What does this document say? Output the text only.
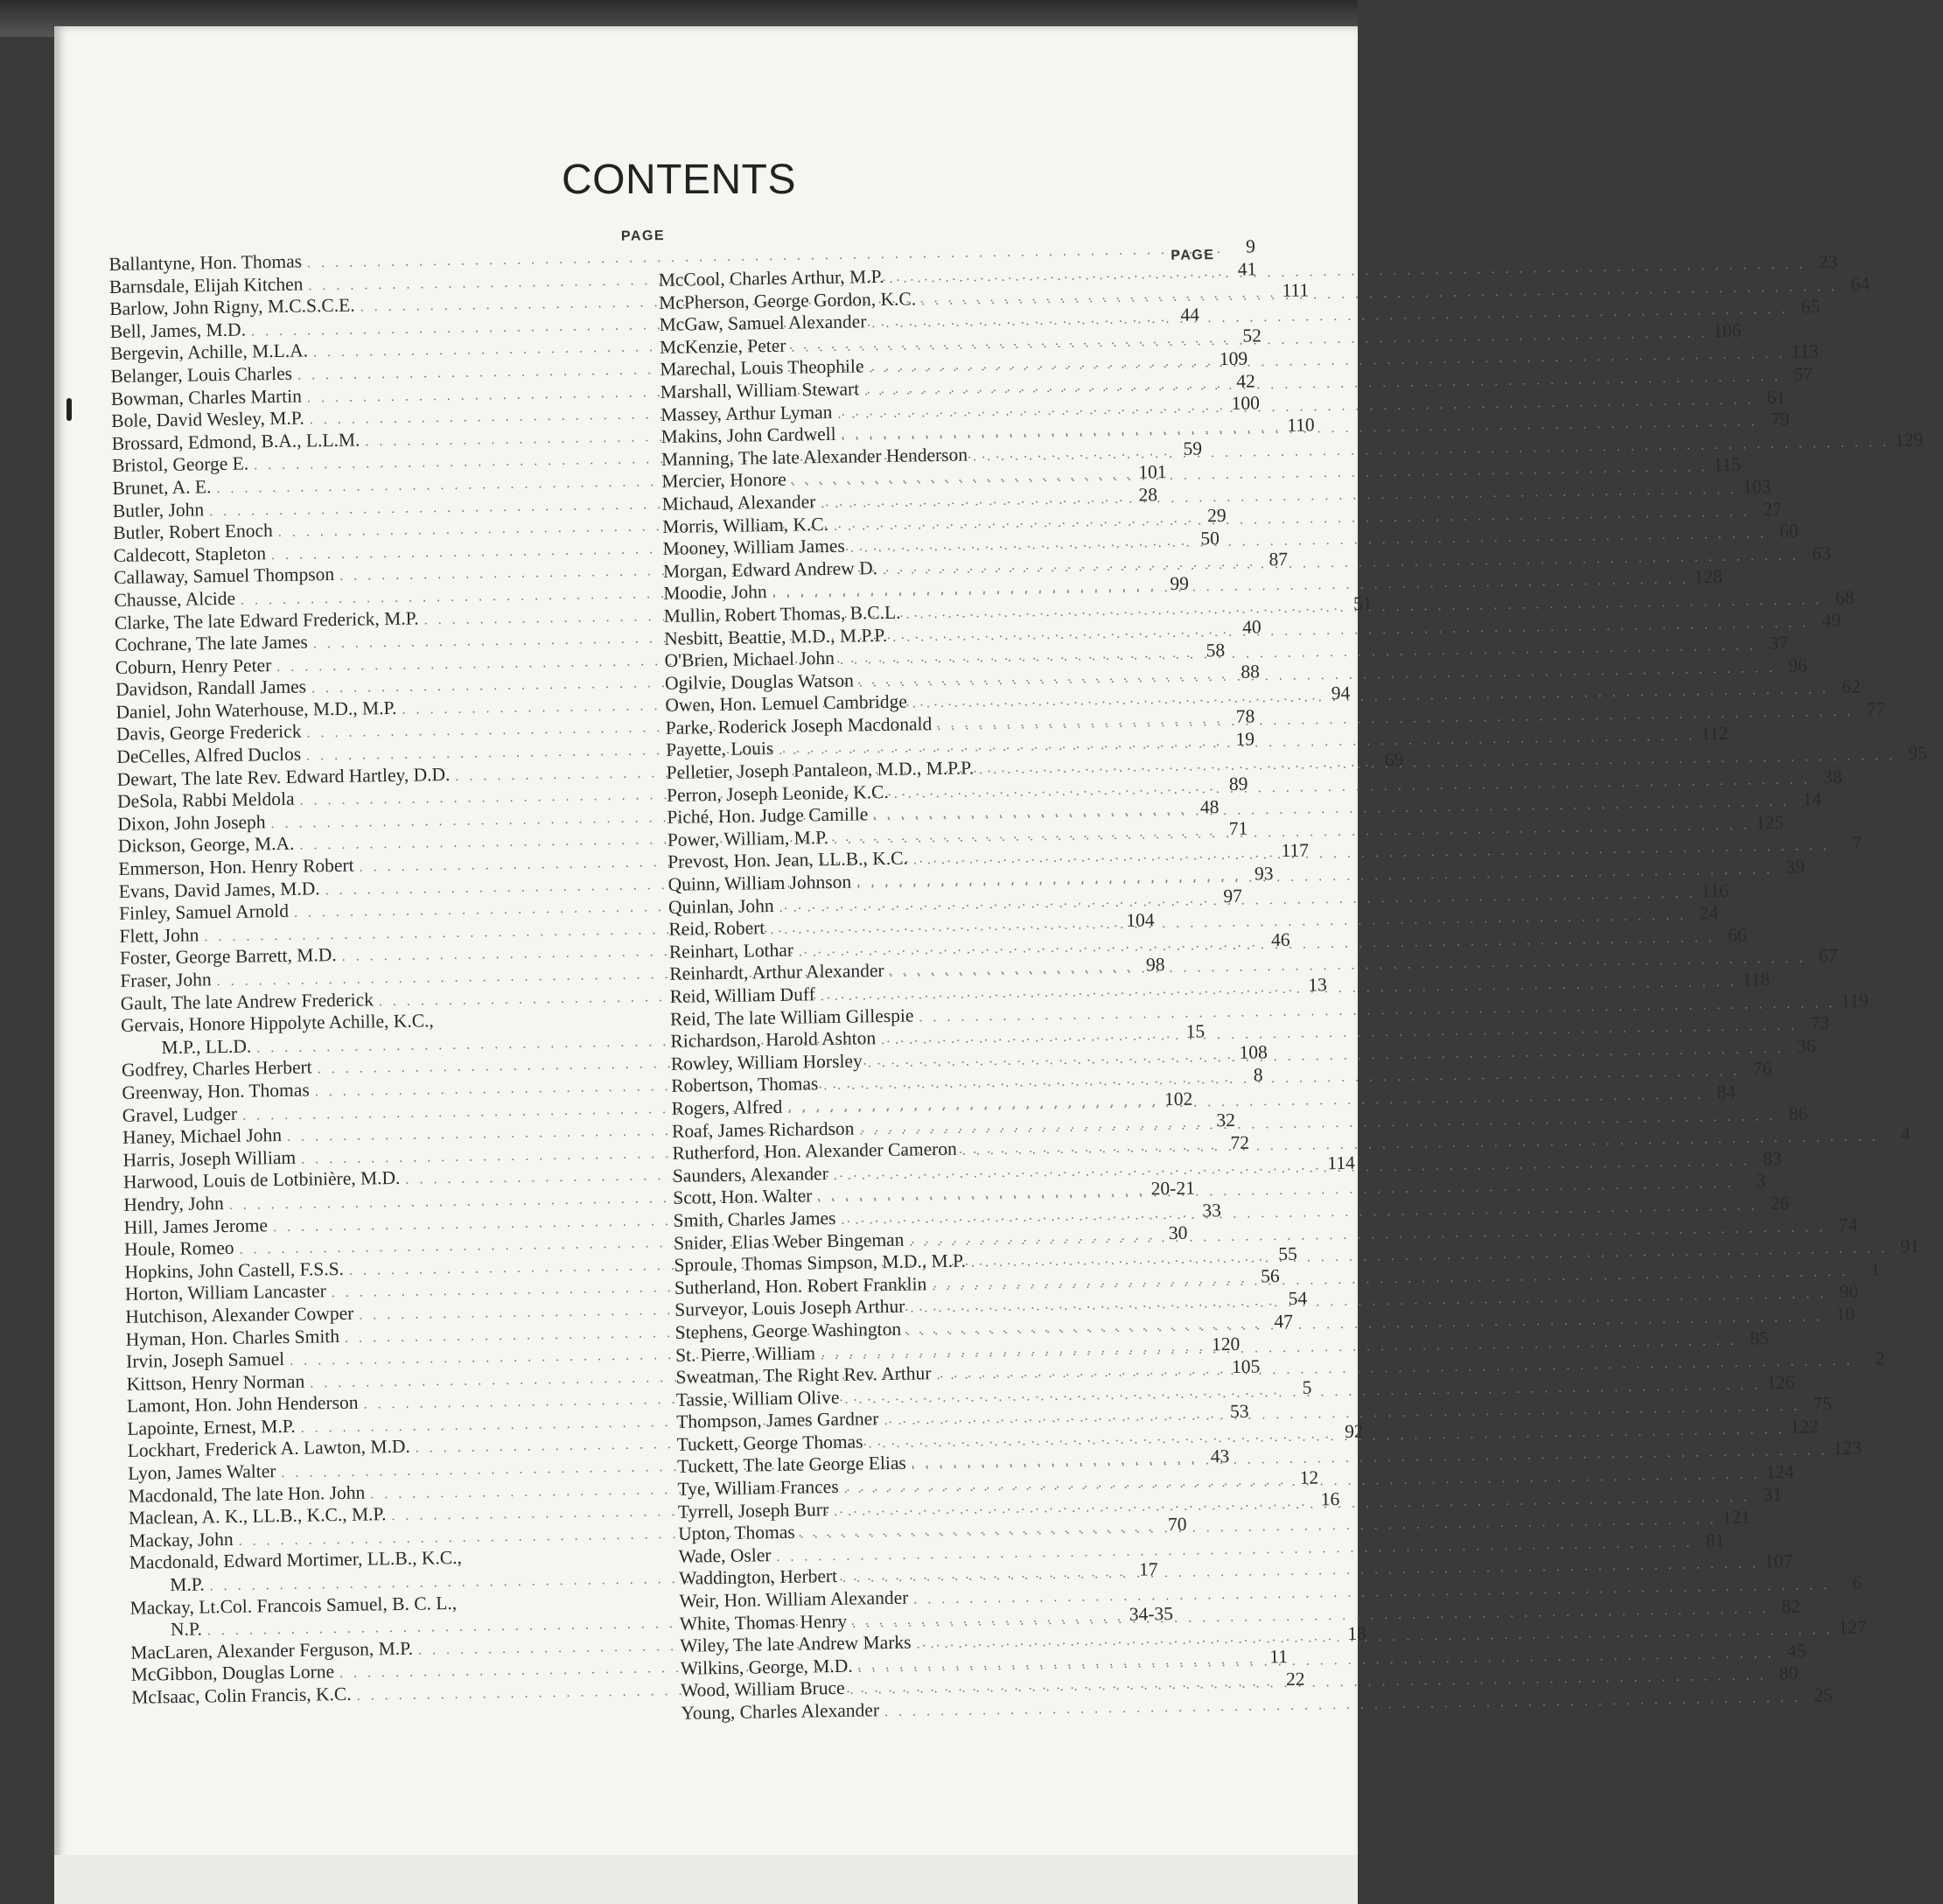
CONTENTS
PAGE
Ballantyne, Hon. Thomas
. . .
9
Barnsdale, Elijah Kitchen
. . .
41
Barlow, John Rigny, M.C.S.C.E.
. . .
111
Bell, James, M.D.
. . .
44
Bergevin, Achille, M.L.A.
. . .
52
Belanger, Louis Charles
. . .
109
Bowman, Charles Martin
. . .
42
Bole, David Wesley, M.P.
. . .
100
Brossard, Edmond, B.A., L.L.M.
. . .
110
Bristol, George E.
. . .
59
Brunet, A. E.
. . .
101
Butler, John
. . .
28
Butler, Robert Enoch
. . .
29
Caldecott, Stapleton
. . .
50
Callaway, Samuel Thompson
. . .
87
Chausse, Alcide
. . .
99
Clarke, The late Edward Frederick, M.P.
. . .
51
Cochrane, The late James
. . .
40
Coburn, Henry Peter
. . .
58
Davidson, Randall James
. . .
88
Daniel, John Waterhouse, M.D., M.P.
. . .
94
Davis, George Frederick
. . .
78
DeCelles, Alfred Duclos
. . .
19
Dewart, The late Rev. Edward Hartley, D.D.
. . .
69
DeSola, Rabbi Meldola
. . .
89
Dixon, John Joseph
. . .
48
Dickson, George, M.A.
. . .
71
Emmerson, Hon. Henry Robert
. . .
117
Evans, David James, M.D.
. . .
93
Finley, Samuel Arnold
. . .
97
Flett, John
. . .
104
Foster, George Barrett, M.D.
. . .
46
Fraser, John
. . .
98
Gault, The late Andrew Frederick
. . .
13
Gervais, Honore Hippolyte Achille, K.C.,
M.P., LL.D.
. . .
15
Godfrey, Charles Herbert
. . .
108
Greenway, Hon. Thomas
. . .
8
Gravel, Ludger
. . .
102
Haney, Michael John
. . .
32
Harris, Joseph William
. . .
72
Harwood, Louis de Lotbinière, M.D.
. . .
114
Hendry, John
. . .
20-21
Hill, James Jerome
. . .
33
Houle, Romeo
. . .
30
Hopkins, John Castell, F.S.S.
. . .
55
Horton, William Lancaster
. . .
56
Hutchison, Alexander Cowper
. . .
54
Hyman, Hon. Charles Smith
. . .
47
Irvin, Joseph Samuel
. . .
120
Kittson, Henry Norman
. . .
105
Lamont, Hon. John Henderson
. . .
5
Lapointe, Ernest, M.P.
. . .
53
Lockhart, Frederick A. Lawton, M.D.
. . .
92
Lyon, James Walter
. . .
43
Macdonald, The late Hon. John
. . .
12
Maclean, A. K., LL.B., K.C., M.P.
. . .
16
Mackay, John
. . .
70
Macdonald, Edward Mortimer, LL.B., K.C.,
M.P.
. . .
17
Mackay, Lt.Col. Francois Samuel, B. C. L.,
N.P.
. . .
34-35
MacLaren, Alexander Ferguson, M.P.
. . .
18
McGibbon, Douglas Lorne
. . .
11
McIsaac, Colin Francis, K.C.
. . .
22
PAGE
McCool, Charles Arthur, M.P.
. . .
23
McPherson, George Gordon, K.C.
. . .
64
McGaw, Samuel Alexander
. . .
65
McKenzie, Peter
. . .
106
Marechal, Louis Theophile
. . .
113
Marshall, William Stewart
. . .
57
Massey, Arthur Lyman
. . .
61
Makins, John Cardwell
. . .
79
Manning, The late Alexander Henderson
. . .
129
Mercier, Honore
. . .
115
Michaud, Alexander
. . .
103
Morris, William, K.C.
. . .
27
Mooney, William James
. . .
60
Morgan, Edward Andrew D.
. . .
63
Moodie, John
. . .
128
Mullin, Robert Thomas, B.C.L.
. . .
68
Nesbitt, Beattie, M.D., M.P.P.
. . .
49
O'Brien, Michael John
. . .
37
Ogilvie, Douglas Watson
. . .
96
Owen, Hon. Lemuel Cambridge
. . .
62
Parke, Roderick Joseph Macdonald
. . .
77
Payette, Louis
. . .
112
Pelletier, Joseph Pantaleon, M.D., M.P.P.
. . .
95
Perron, Joseph Leonide, K.C.
. . .
38
Piché, Hon. Judge Camille
. . .
14
Power, William, M.P.
. . .
125
Prevost, Hon. Jean, LL.B., K.C.
. . .
7
Quinn, William Johnson
. . .
39
Quinlan, John
. . .
116
Reid, Robert
. . .
24
Reinhart, Lothar
. . .
66
Reinhardt, Arthur Alexander
. . .
67
Reid, William Duff
. . .
118
Reid, The late William Gillespie
. . .
119
Richardson, Harold Ashton
. . .
73
Rowley, William Horsley
. . .
36
Robertson, Thomas
. . .
76
Rogers, Alfred
. . .
84
Roaf, James Richardson
. . .
86
Rutherford, Hon. Alexander Cameron
. . .
4
Saunders, Alexander
. . .
83
Scott, Hon. Walter
. . .
3
Smith, Charles James
. . .
26
Snider, Elias Weber Bingeman
. . .
74
Sproule, Thomas Simpson, M.D., M.P.
. . .
91
Sutherland, Hon. Robert Franklin
. . .
1
Surveyor, Louis Joseph Arthur
. . .
90
Stephens, George Washington
. . .
10
St. Pierre, William
. . .
85
Sweatman, The Right Rev. Arthur
. . .
2
Tassie, William Olive
. . .
126
Thompson, James Gardner
. . .
75
Tuckett, George Thomas
. . .
122
Tuckett, The late George Elias
. . .
123
Tye, William Frances
. . .
124
Tyrrell, Joseph Burr
. . .
31
Upton, Thomas
. . .
121
Wade, Osler
. . .
81
Waddington, Herbert
. . .
107
Weir, Hon. William Alexander
. . .
6
White, Thomas Henry
. . .
82
Wiley, The late Andrew Marks
. . .
127
Wilkins, George, M.D.
. . .
45
Wood, William Bruce
. . .
80
Young, Charles Alexander
. . .
25
